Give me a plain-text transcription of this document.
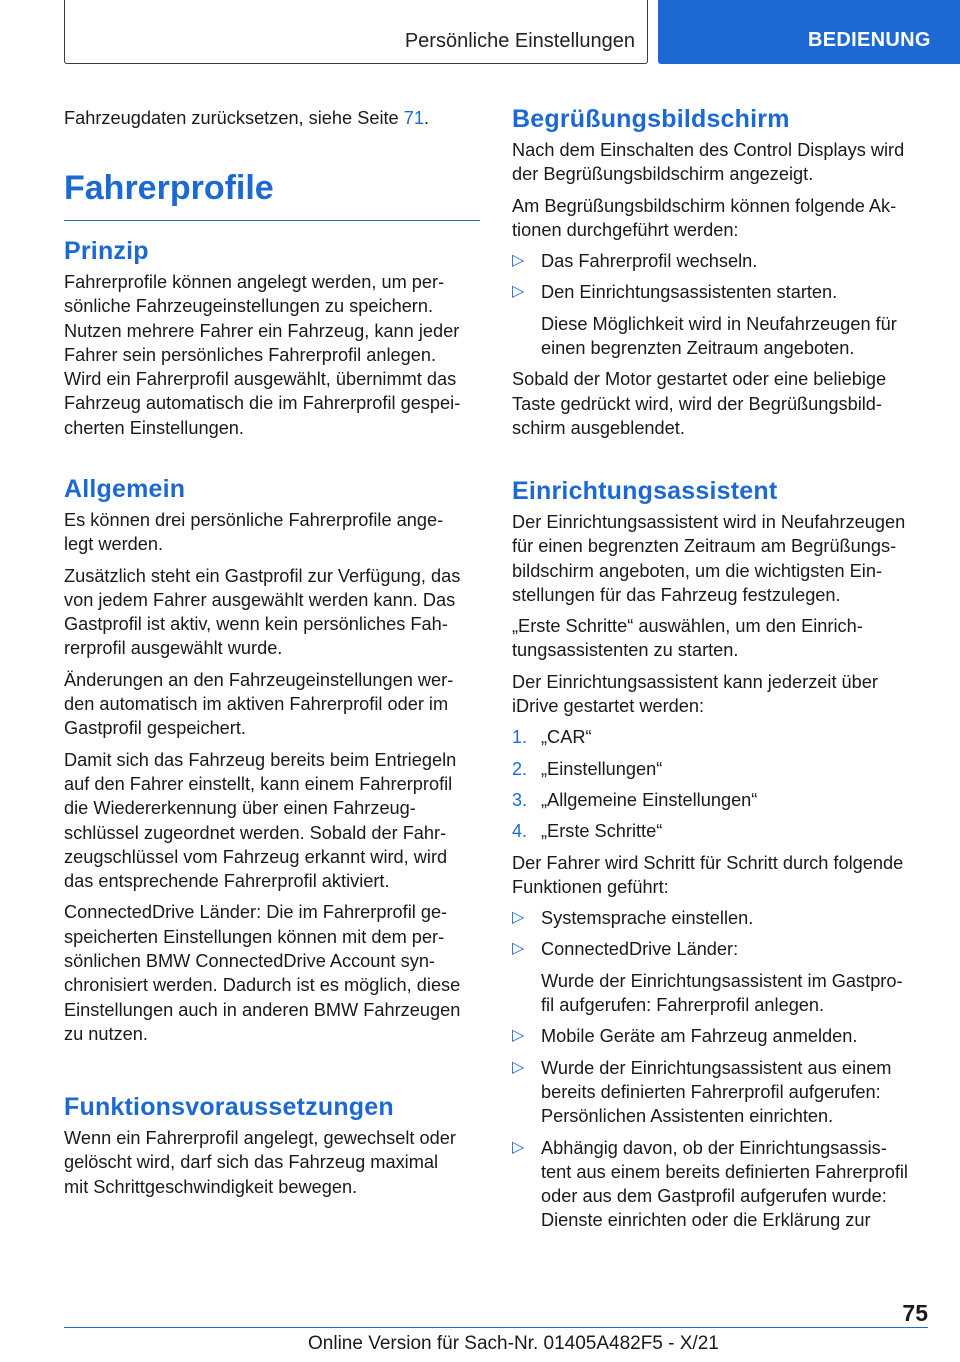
Persönliche Einstellungen	BEDIENUNG

Fahrzeugdaten zurücksetzen, siehe Seite 71.

Fahrerprofile
Prinzip

Fahrerprofile können angelegt werden, um per-
sönliche Fahrzeugeinstellungen zu speichern.
Nutzen mehrere Fahrer ein Fahrzeug, kann jeder
Fahrer sein persönliches Fahrerprofil anlegen.
Wird ein Fahrerprofil ausgewählt, übernimmt das
Fahrzeug automatisch die im Fahrerprofil gespei-
cherten Einstellungen.

Allgemein

Es können drei persönliche Fahrerprofile ange-
legt werden.

Zusätzlich steht ein Gastprofil zur Verfügung, das
von jedem Fahrer ausgewählt werden kann. Das
Gastprofil ist aktiv, wenn kein persönliches Fah-
rerprofil ausgewählt wurde.

Änderungen an den Fahrzeugeinstellungen wer-
den automatisch im aktiven Fahrerprofil oder im
Gastprofil gespeichert.

Damit sich das Fahrzeug bereits beim Entriegeln
auf den Fahrer einstellt, kann einem Fahrerprofil
die Wiedererkennung über einen Fahrzeug-
schlüssel zugeordnet werden. Sobald der Fahr-
zeugschlüssel vom Fahrzeug erkannt wird, wird
das entsprechende Fahrerprofil aktiviert.

ConnectedDrive Länder: Die im Fahrerprofil ge-
speicherten Einstellungen können mit dem per-
sönlichen BMW ConnectedDrive Account syn-
chronisiert werden. Dadurch ist es möglich, diese
Einstellungen auch in anderen BMW Fahrzeugen
zu nutzen.

Funktionsvoraussetzungen

Wenn ein Fahrerprofil angelegt, gewechselt oder
gelöscht wird, darf sich das Fahrzeug maximal
mit Schrittgeschwindigkeit bewegen.

Begrüßungsbildschirm

Nach dem Einschalten des Control Displays wird
der Begrüßungsbildschirm angezeigt.

Am Begrüßungsbildschirm können folgende Ak-
tionen durchgeführt werden:

▷ Das Fahrerprofil wechseln.

▷ Den Einrichtungsassistenten starten.

Diese Möglichkeit wird in Neufahrzeugen für
einen begrenzten Zeitraum angeboten.

Sobald der Motor gestartet oder eine beliebige
Taste gedrückt wird, wird der Begrüßungsbild-
schirm ausgeblendet.

Einrichtungsassistent

Der Einrichtungsassistent wird in Neufahrzeugen
für einen begrenzten Zeitraum am Begrüßungs-
bildschirm angeboten, um die wichtigsten Ein-
stellungen für das Fahrzeug festzulegen.

„Erste Schritte“ auswählen, um den Einrich-
tungsassistenten zu starten.

Der Einrichtungsassistent kann jederzeit über
iDrive gestartet werden:

1. „CAR“

2. „Einstellungen“

3. „Allgemeine Einstellungen“

4. „Erste Schritte“

Der Fahrer wird Schritt für Schritt durch folgende
Funktionen geführt:

▷ Systemsprache einstellen.

▷ ConnectedDrive Länder:

Wurde der Einrichtungsassistent im Gastpro-
fil aufgerufen: Fahrerprofil anlegen.

▷ Mobile Geräte am Fahrzeug anmelden.

▷ Wurde der Einrichtungsassistent aus einem
bereits definierten Fahrerprofil aufgerufen:
Persönlichen Assistenten einrichten.

▷ Abhängig davon, ob der Einrichtungsassis-
tent aus einem bereits definierten Fahrerprofil
oder aus dem Gastprofil aufgerufen wurde:
Dienste einrichten oder die Erklärung zur

75
Online Version für Sach-Nr. 01405A482F5 - X/21
